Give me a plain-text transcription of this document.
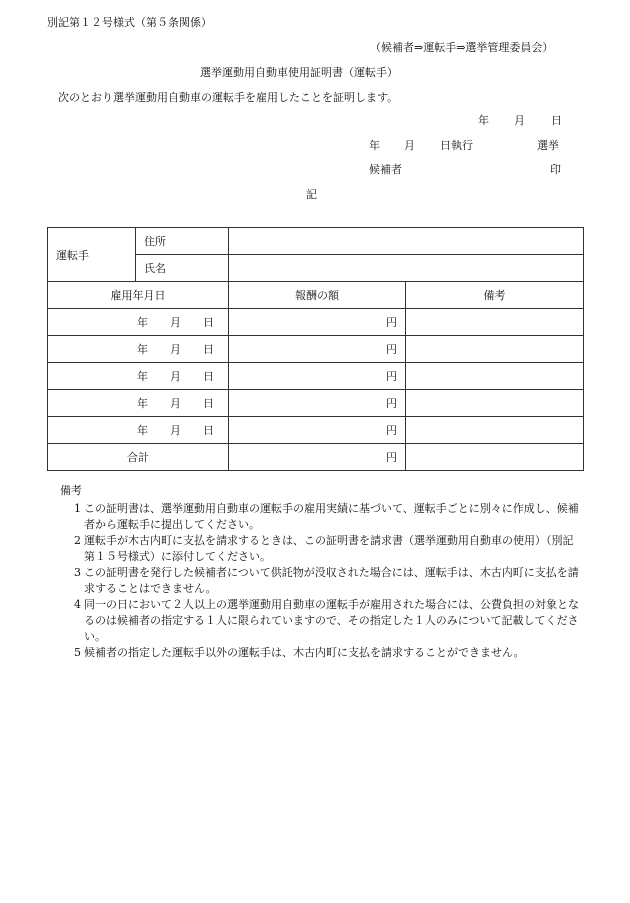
別記第１２号様式（第５条関係）
（候補者⇒運転手⇒選挙管理委員会）
選挙運動用自動車使用証明書（運転手）
次のとおり選挙運動用自動車の運転手を雇用したことを証明します。
年 月 日
年 月 日執行	選挙
候補者	印
記
運転手	住所		
	氏名		
雇用年月日		報酬の額	備考
年 月 日		円	
年 月 日		円	
年 月 日		円	
年 月 日		円	
年 月 日		円	
合計		円	
備考
1 この証明書は、選挙運動用自動車の運転手の雇用実績に基づいて、運転手ごとに別々に作成し、候補者から運転手に提出してください。
2 運転手が木古内町に支払を請求するときは、この証明書を請求書（選挙運動用自動車の使用）（別記第１５号様式）に添付してください。
3 この証明書を発行した候補者について供託物が没収された場合には、運転手は、木古内町に支払を請求することはできません。
4 同一の日において２人以上の選挙運動用自動車の運転手が雇用された場合には、公費負担の対象となるのは候補者の指定する１人に限られていますので、その指定した１人のみについて記載してください。
5 候補者の指定した運転手以外の運転手は、木古内町に支払を請求することができません。
